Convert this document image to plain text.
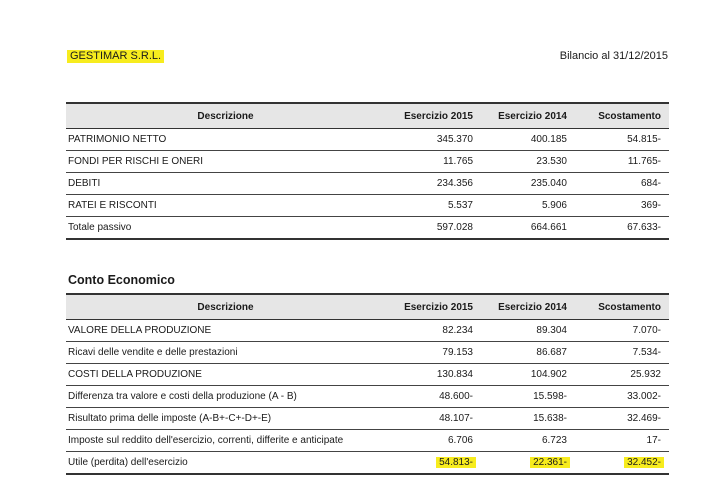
GESTIMAR S.R.L.	Bilancio al 31/12/2015
Descrizione	Esercizio 2015	Esercizio 2014	Scostamento
PATRIMONIO NETTO	345.370	400.185	54.815-
FONDI PER RISCHI E ONERI	11.765	23.530	11.765-
DEBITI	234.356	235.040	684-
RATEI E RISCONTI	5.537	5.906	369-
Totale passivo	597.028	664.661	67.633-
Conto Economico
Descrizione	Esercizio 2015	Esercizio 2014	Scostamento
VALORE DELLA PRODUZIONE	82.234	89.304	7.070-
Ricavi delle vendite e delle prestazioni	79.153	86.687	7.534-
COSTI DELLA PRODUZIONE	130.834	104.902	25.932
Differenza tra valore e costi della produzione (A - B)	48.600-	15.598-	33.002-
Risultato prima delle imposte (A-B+-C+-D+-E)	48.107-	15.638-	32.469-
Imposte sul reddito dell'esercizio, correnti, differite e anticipate	6.706	6.723	17-
Utile (perdita) dell'esercizio	54.813-	22.361-	32.452-
